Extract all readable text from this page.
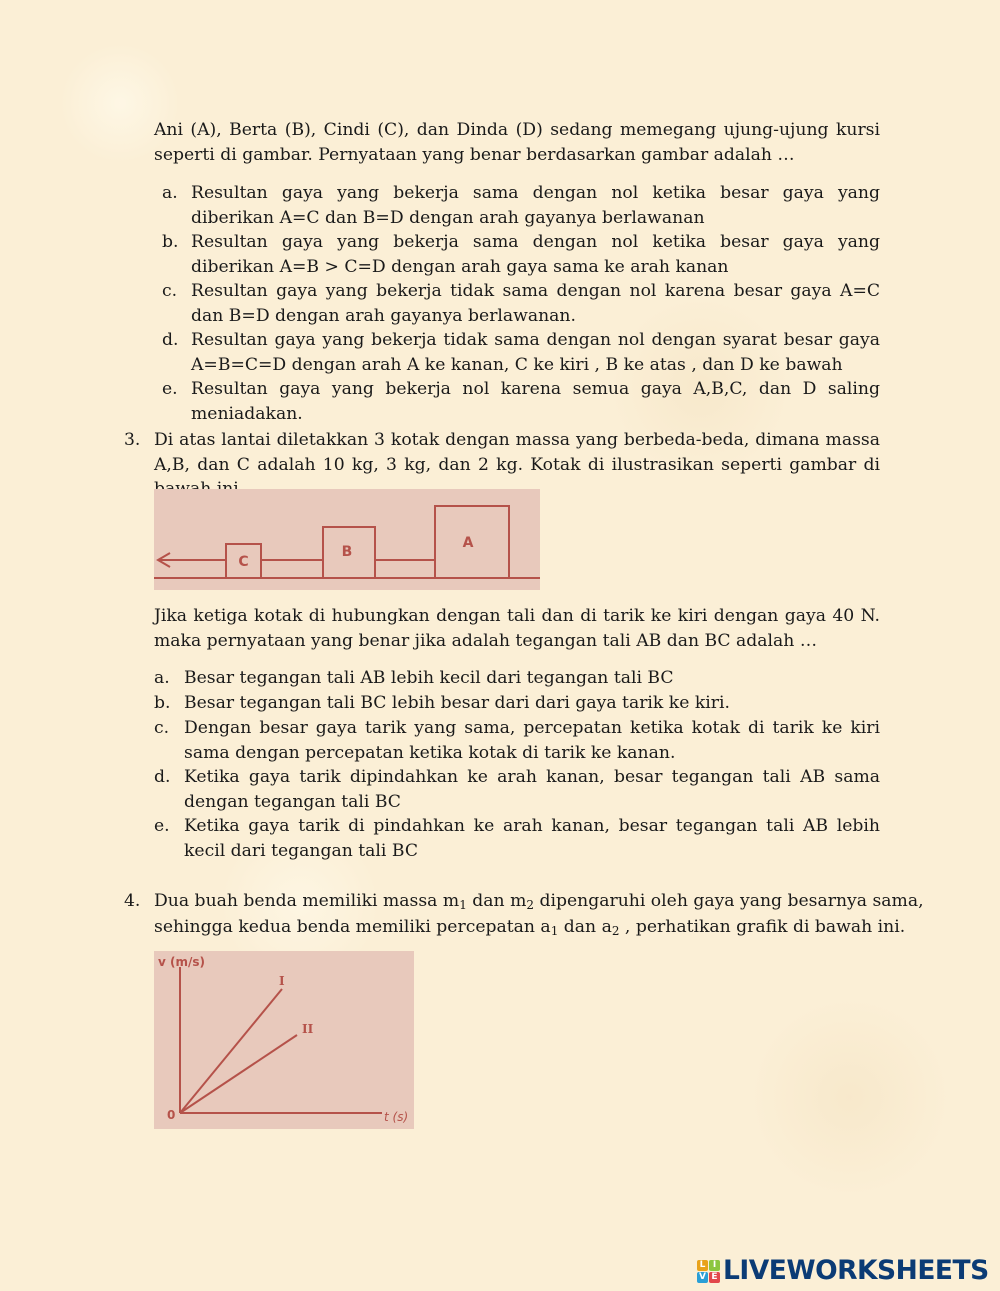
Ani (A), Berta (B), Cindi (C), dan Dinda (D) sedang memegang ujung-ujung kursi seperti di gambar. Pernyataan yang benar berdasarkan gambar adalah …
a. Resultan gaya yang bekerja sama dengan nol ketika besar gaya yang diberikan A=C dan B=D dengan arah gayanya berlawanan
b. Resultan gaya yang bekerja sama dengan nol ketika besar gaya yang diberikan A=B > C=D dengan arah gaya sama ke arah kanan
c. Resultan gaya yang bekerja tidak sama dengan nol karena besar gaya A=C dan B=D dengan arah gayanya berlawanan.
d. Resultan gaya yang bekerja tidak sama dengan nol dengan syarat besar gaya A=B=C=D dengan arah A ke kanan, C ke kiri , B ke atas , dan D ke bawah
e. Resultan gaya yang bekerja nol karena semua gaya A,B,C, dan D saling meniadakan.
3. Di atas lantai diletakkan 3 kotak dengan massa yang berbeda-beda, dimana massa A,B, dan C adalah 10 kg, 3 kg, dan 2 kg. Kotak di ilustrasikan seperti gambar di
C
B
A
Jika ketiga kotak di hubungkan dengan tali dan di tarik ke kiri dengan gaya 40 N. maka pernyataan yang benar jika adalah tegangan tali AB dan BC adalah …
a. Besar tegangan tali AB lebih kecil dari tegangan tali BC
b. Besar tegangan tali BC lebih besar dari dari gaya tarik ke kiri.
c. Dengan besar gaya tarik yang sama, percepatan ketika kotak di tarik ke kiri sama dengan percepatan ketika kotak di tarik ke kanan.
d. Ketika gaya tarik dipindahkan ke arah kanan, besar tegangan tali AB sama dengan tegangan tali BC
e. Ketika gaya tarik di pindahkan ke arah kanan, besar tegangan tali AB lebih kecil dari tegangan tali BC
4. Dua buah benda memiliki massa m1 dan m2 dipengaruhi oleh gaya yang besarnya sama,
sehingga kedua benda memiliki percepatan a1 dan a2 , perhatikan grafik di bawah ini.
v (m/s)
t (s)
0
I
II
L I
V E LIVEWORKSHEETS
